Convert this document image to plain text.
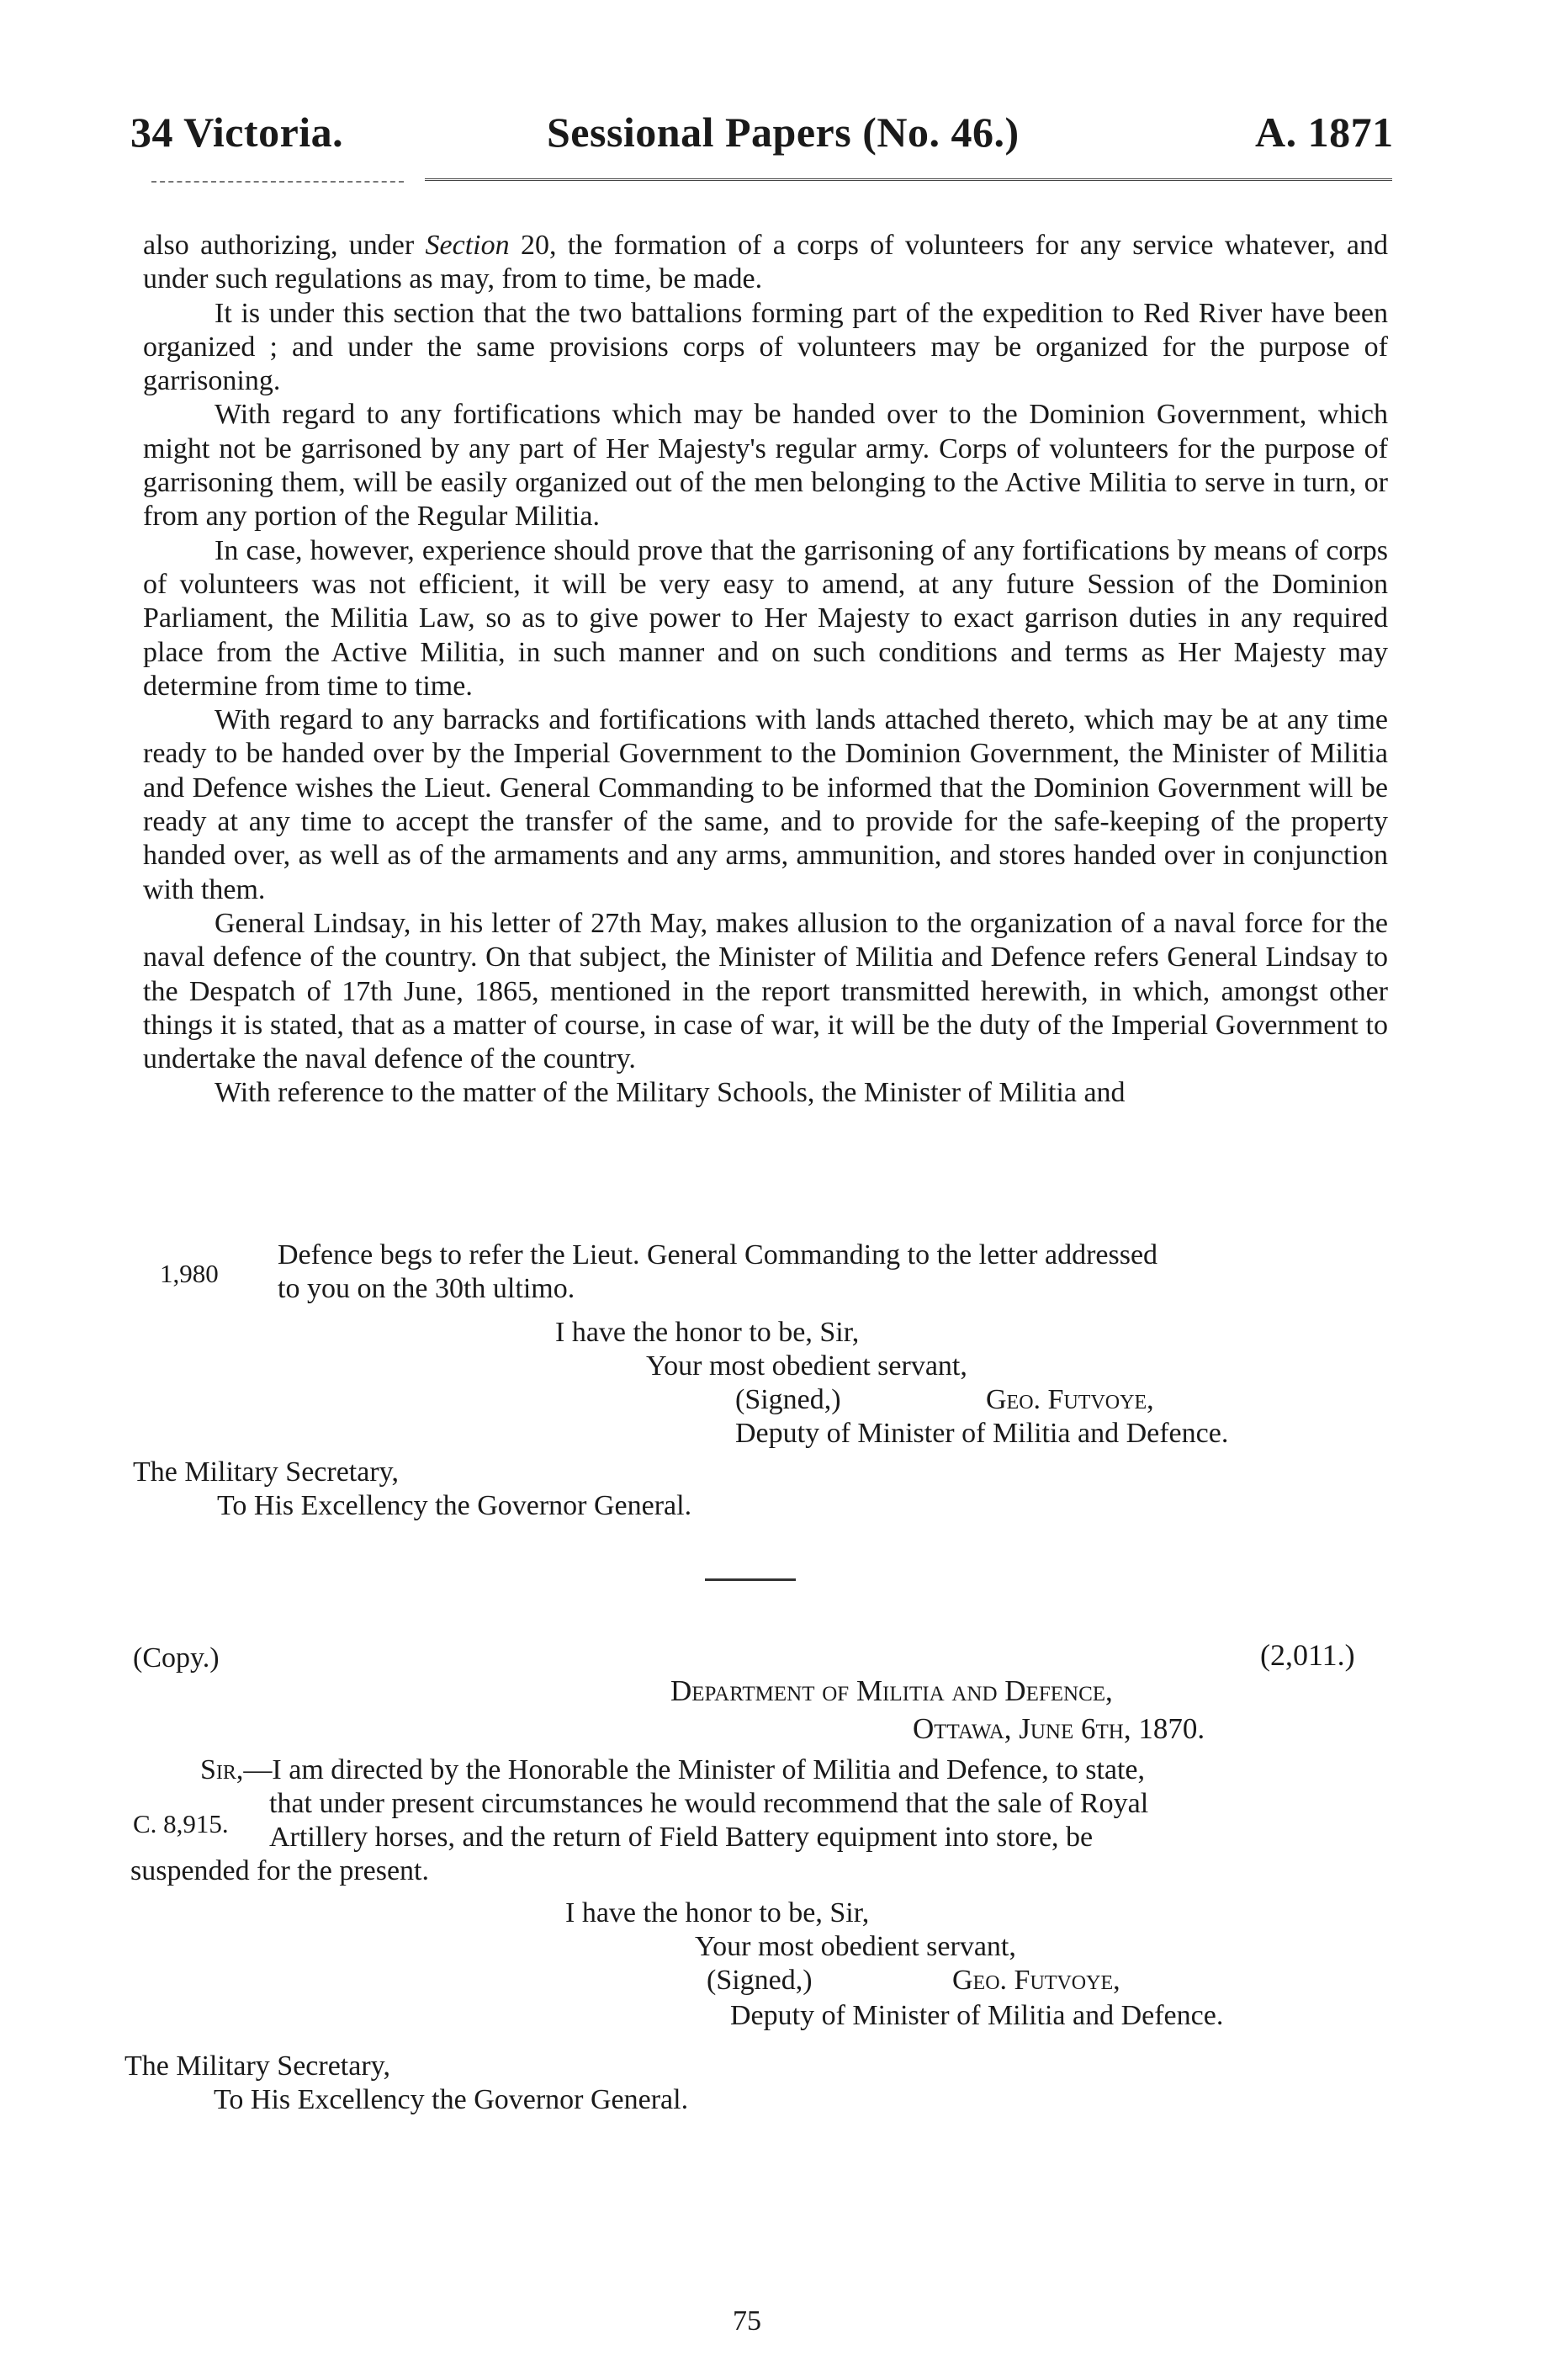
34 Victoria.	Sessional Papers (No. 46.)	A. 1871

also authorizing, under Section 20, the formation of a corps of volunteers for any service whatever, and under such regulations as may, from to time, be made.

It is under this section that the two battalions forming part of the expedition to Red River have been organized ; and under the same provisions corps of volunteers may be organized for the purpose of garrisoning.

With regard to any fortifications which may be handed over to the Dominion Government, which might not be garrisoned by any part of Her Majesty's regular army. Corps of volunteers for the purpose of garrisoning them, will be easily organized out of the men belonging to the Active Militia to serve in turn, or from any portion of the Regular Militia.

In case, however, experience should prove that the garrisoning of any fortifications by means of corps of volunteers was not efficient, it will be very easy to amend, at any future Session of the Dominion Parliament, the Militia Law, so as to give power to Her Majesty to exact garrison duties in any required place from the Active Militia, in such manner and on such conditions and terms as Her Majesty may determine from time to time.

With regard to any barracks and fortifications with lands attached thereto, which may be at any time ready to be handed over by the Imperial Government to the Dominion Government, the Minister of Militia and Defence wishes the Lieut. General Commanding to be informed that the Dominion Government will be ready at any time to accept the transfer of the same, and to provide for the safe-keeping of the property handed over, as well as of the armaments and any arms, ammunition, and stores handed over in conjunction with them.

General Lindsay, in his letter of 27th May, makes allusion to the organization of a naval force for the naval defence of the country. On that subject, the Minister of Militia and Defence refers General Lindsay to the Despatch of 17th June, 1865, mentioned in the report transmitted herewith, in which, amongst other things it is stated, that as a matter of course, in case of war, it will be the duty of the Imperial Government to undertake the naval defence of the country.

With reference to the matter of the Military Schools, the Minister of Militia and

Defence begs to refer the Lieut. General Commanding to the letter addressed
to you on the 30th ultimo.
1,980
I have the honor to be, Sir,
Your most obedient servant,
(Signed,)	Geo. Futvoye,
Deputy of Minister of Militia and Defence.
The Military Secretary,
To His Excellency the Governor General.
(Copy.)	(2,011.)
Department of Militia and Defence,
Ottawa, June 6th, 1870.
Sir,—I am directed by the Honorable the Minister of Militia and Defence, to state,
that under present circumstances he would recommend that the sale of Royal
Artillery horses, and the return of Field Battery equipment into store, be
suspended for the present.
C. 8,915.
I have the honor to be, Sir,
Your most obedient servant,
(Signed,)	Geo. Futvoye,
Deputy of Minister of Militia and Defence.
The Military Secretary,
To His Excellency the Governor General.
75
